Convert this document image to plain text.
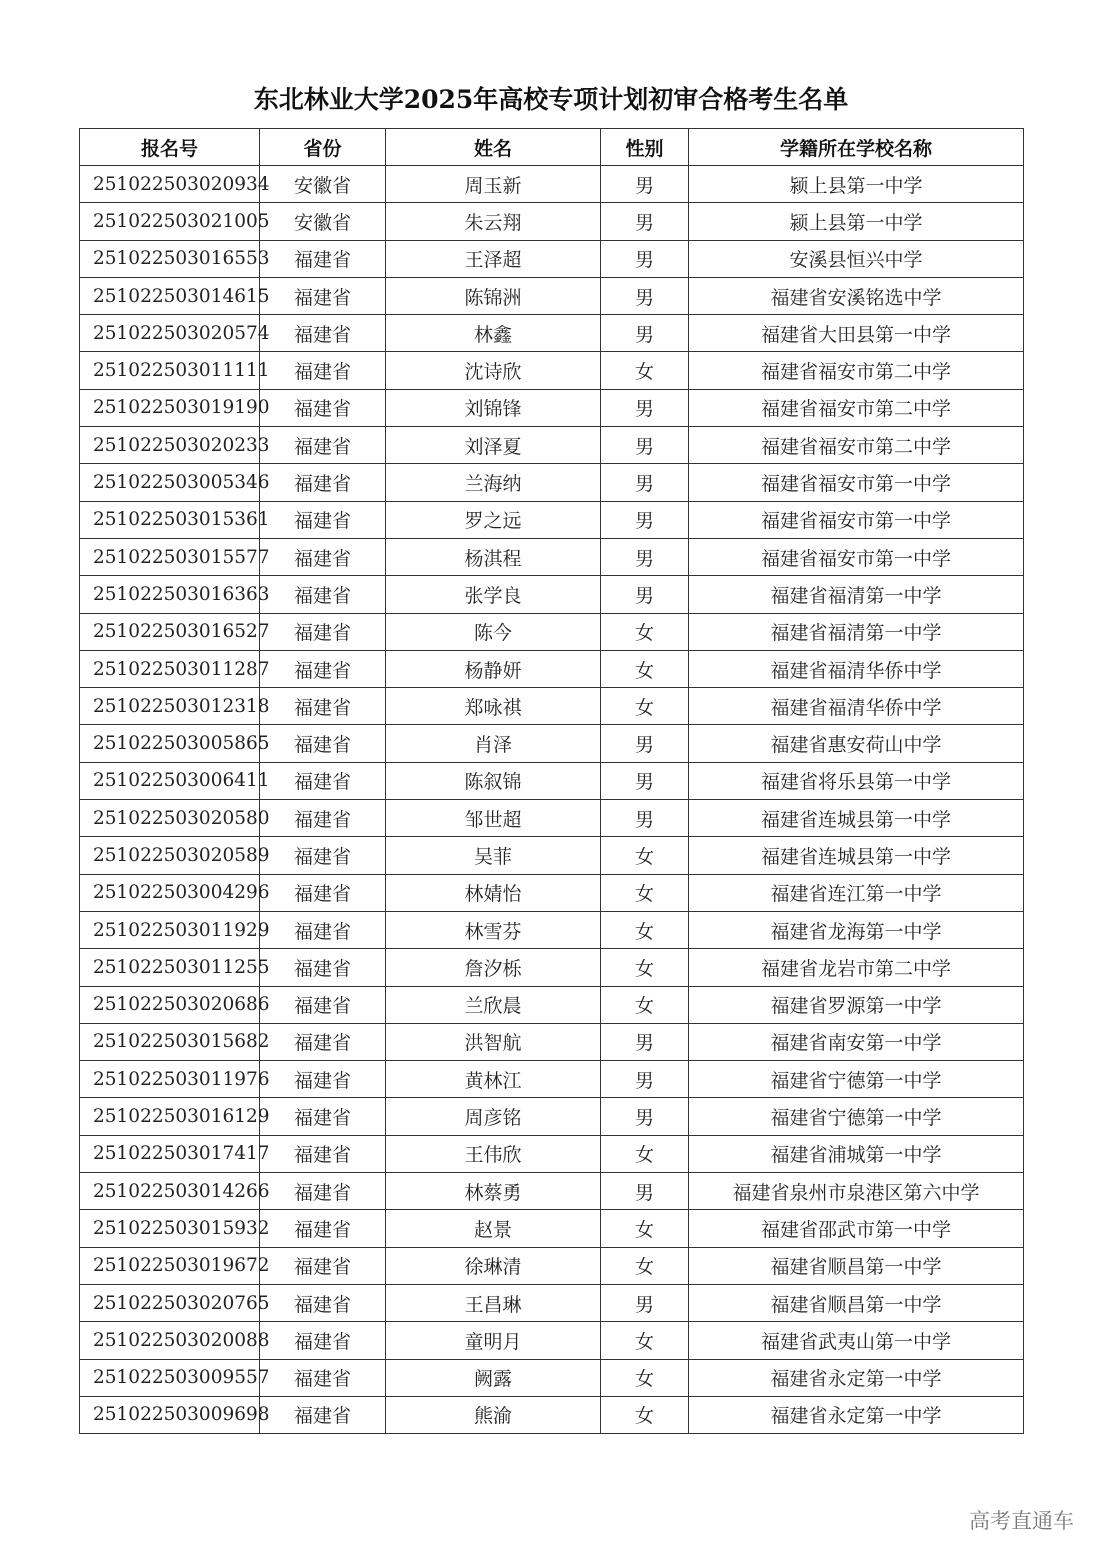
东北林业大学2025年高校专项计划初审合格考生名单
报名号	省份	姓名	性别	学籍所在学校名称
251022503020934	安徽省	周玉新	男	颍上县第一中学
251022503021005	安徽省	朱云翔	男	颍上县第一中学
251022503016553	福建省	王泽超	男	安溪县恒兴中学
251022503014615	福建省	陈锦洲	男	福建省安溪铭选中学
251022503020574	福建省	林鑫	男	福建省大田县第一中学
251022503011111	福建省	沈诗欣	女	福建省福安市第二中学
251022503019190	福建省	刘锦锋	男	福建省福安市第二中学
251022503020233	福建省	刘泽夏	男	福建省福安市第二中学
251022503005346	福建省	兰海纳	男	福建省福安市第一中学
251022503015361	福建省	罗之远	男	福建省福安市第一中学
251022503015577	福建省	杨淇程	男	福建省福安市第一中学
251022503016363	福建省	张学良	男	福建省福清第一中学
251022503016527	福建省	陈今	女	福建省福清第一中学
251022503011287	福建省	杨静妍	女	福建省福清华侨中学
251022503012318	福建省	郑咏祺	女	福建省福清华侨中学
251022503005865	福建省	肖泽	男	福建省惠安荷山中学
251022503006411	福建省	陈叙锦	男	福建省将乐县第一中学
251022503020580	福建省	邹世超	男	福建省连城县第一中学
251022503020589	福建省	吴菲	女	福建省连城县第一中学
251022503004296	福建省	林婧怡	女	福建省连江第一中学
251022503011929	福建省	林雪芬	女	福建省龙海第一中学
251022503011255	福建省	詹汐栎	女	福建省龙岩市第二中学
251022503020686	福建省	兰欣晨	女	福建省罗源第一中学
251022503015682	福建省	洪智航	男	福建省南安第一中学
251022503011976	福建省	黄林江	男	福建省宁德第一中学
251022503016129	福建省	周彦铭	男	福建省宁德第一中学
251022503017417	福建省	王伟欣	女	福建省浦城第一中学
251022503014266	福建省	林蔡勇	男	福建省泉州市泉港区第六中学
251022503015932	福建省	赵景	女	福建省邵武市第一中学
251022503019672	福建省	徐琳清	女	福建省顺昌第一中学
251022503020765	福建省	王昌琳	男	福建省顺昌第一中学
251022503020088	福建省	童明月	女	福建省武夷山第一中学
251022503009557	福建省	阙露	女	福建省永定第一中学
251022503009698	福建省	熊渝	女	福建省永定第一中学
高考直通车
